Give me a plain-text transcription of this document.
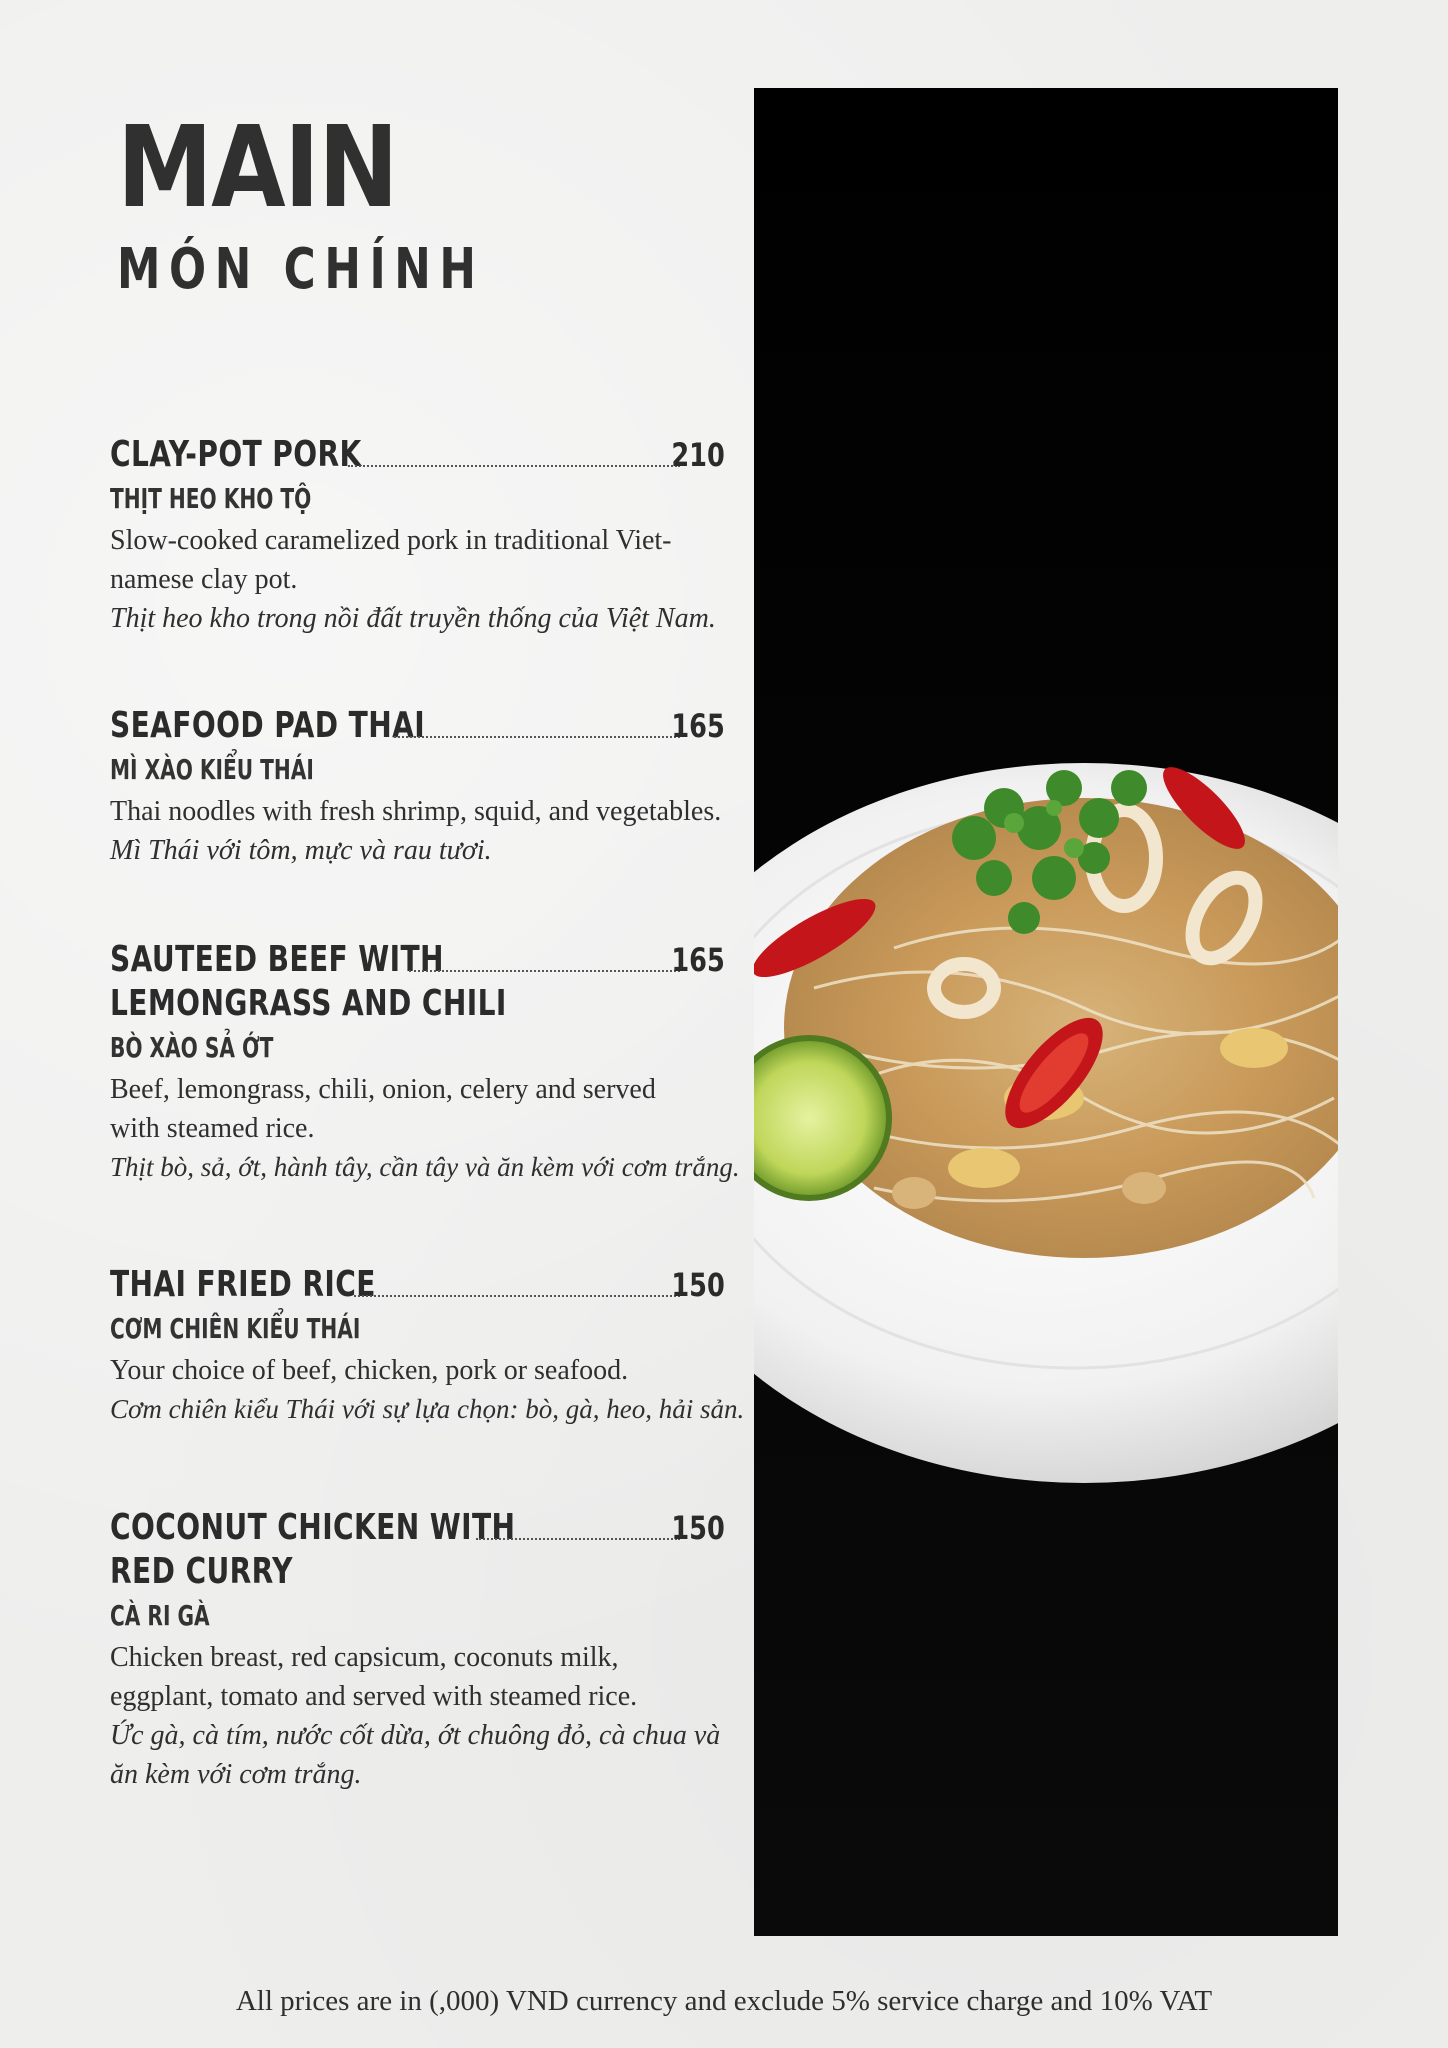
MAIN
MÓN CHÍNH
CLAY-POT PORK	210
THỊT HEO KHO TỘ
Slow-cooked caramelized pork in traditional Viet-
namese clay pot.
Thịt heo kho trong nồi đất truyền thống của Việt Nam.
SEAFOOD PAD THAI	165
MÌ XÀO KIỂU THÁI
Thai noodles with fresh shrimp, squid, and vegetables.
Mì Thái với tôm, mực và rau tươi.
SAUTEED BEEF WITH	165
LEMONGRASS AND CHILI
BÒ XÀO SẢ ỚT
Beef, lemongrass, chili, onion, celery and served
with steamed rice.
Thịt bò, sả, ớt, hành tây, cần tây và ăn kèm với cơm trắng.
THAI FRIED RICE	150
CƠM CHIÊN KIỂU THÁI
Your choice of beef, chicken, pork or seafood.
Cơm chiên kiểu Thái với sự lựa chọn: bò, gà, heo, hải sản.
COCONUT CHICKEN WITH	150
RED CURRY
CÀ RI GÀ
Chicken breast, red capsicum, coconuts milk,
eggplant, tomato and served with steamed rice.
Ức gà, cà tím, nước cốt dừa, ớt chuông đỏ, cà chua và
ăn kèm với cơm trắng.
All prices are in (,000) VND currency and exclude 5% service charge and 10% VAT
